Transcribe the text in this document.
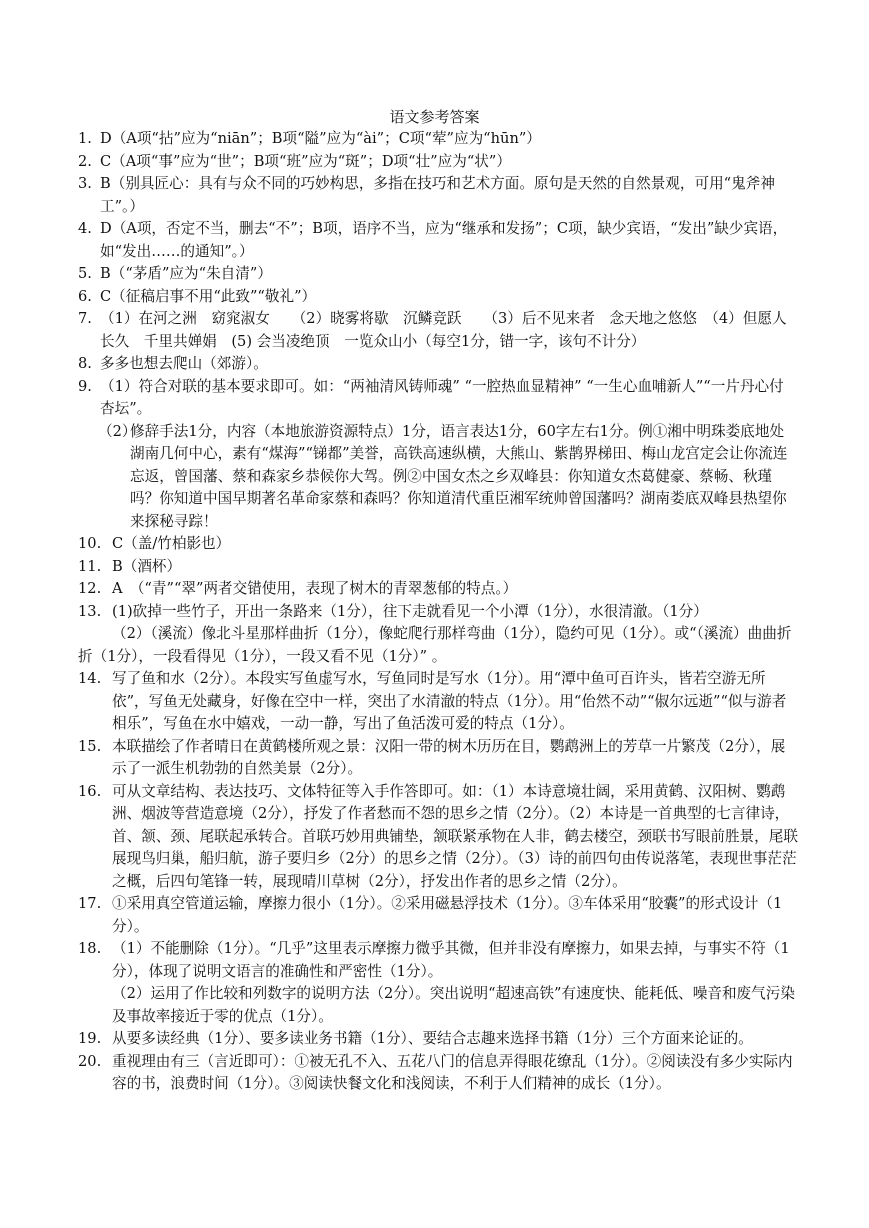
语文参考答案
1. D（A项“拈”应为“niān”；B项“隘”应为“ài”；C项“荤”应为“hūn”）
2. C（A项“事”应为“世”；B项“班”应为“斑”；D项“壮”应为“状”）
3. B（别具匠心：具有与众不同的巧妙构思，多指在技巧和艺术方面。原句是天然的自然景观，可用“鬼斧神工”。）
4. D（A项，否定不当，删去“不”；B项，语序不当，应为“继承和发扬”；C项，缺少宾语，“发出”缺少宾语，如“发出……的通知”。）
5. B（“茅盾”应为“朱自清”）
6. C（征稿启事不用“此致”“敬礼”）
7. （1）在河之洲　窈窕淑女　　（2）晓雾将歇　沉鳞竞跃　　（3）后不见来者　念天地之悠悠　（4）但愿人长久　千里共婵娟　(5) 会当凌绝顶　一览众山小（每空1分，错一字，该句不计分）
8. 多多也想去爬山（郊游）。
9. （1）符合对联的基本要求即可。如：“两袖清风铸师魂” “一腔热血显精神” “一生心血哺新人”“一片丹心付杏坛”。
（2）
修辞手法1分，内容（本地旅游资源特点）1分，语言表达1分，60字左右1分。例①湘中明珠娄底地处湖南几何中心，素有“煤海”“锑都”美誉，高铁高速纵横，大熊山、紫鹊界梯田、梅山龙宫定会让你流连忘返，曾国藩、蔡和森家乡恭候你大驾。例②中国女杰之乡双峰县：你知道女杰葛健豪、蔡畅、秋瑾吗？你知道中国早期著名革命家蔡和森吗？你知道清代重臣湘军统帅曾国藩吗？湖南娄底双峰县热望你来探秘寻踪！
10. C（盖/竹柏影也）
11. B（酒杯）
12. A　（“青”“翠”两者交错使用，表现了树木的青翠葱郁的特点。）
13. (1)砍掉一些竹子，开出一条路来（1分），往下走就看见一个小潭（1分），水很清澈。（1分）
（2）（溪流）像北斗星那样曲折（1分），像蛇爬行那样弯曲（1分），隐约可见（1分）。或“（溪流）曲曲折折（1分），一段看得见（1分），一段又看不见（1分）” 。
14. 写了鱼和水（2分）。本段实写鱼虚写水，写鱼同时是写水（1分）。用“潭中鱼可百许头，皆若空游无所依”，写鱼无处藏身，好像在空中一样，突出了水清澈的特点（1分）。用“佁然不动”“俶尔远逝”“似与游者相乐”，写鱼在水中嬉戏，一动一静，写出了鱼活泼可爱的特点（1分）。
15. 本联描绘了作者晴日在黄鹤楼所观之景：汉阳一带的树木历历在目，鹦鹉洲上的芳草一片繁茂（2分），展示了一派生机勃勃的自然美景（2分）。
16. 可从文章结构、表达技巧、文体特征等入手作答即可。如：（1）本诗意境壮阔，采用黄鹤、汉阳树、鹦鹉洲、烟波等营造意境（2分），抒发了作者愁而不怨的思乡之情（2分）。（2）本诗是一首典型的七言律诗，首、颔、颈、尾联起承转合。首联巧妙用典铺垫，颔联紧承物在人非，鹤去楼空，颈联书写眼前胜景，尾联展现鸟归巢，船归航，游子要归乡（2分）的思乡之情（2分）。（3）诗的前四句由传说落笔，表现世事茫茫之概，后四句笔锋一转，展现晴川草树（2分），抒发出作者的思乡之情（2分）。
17. ①采用真空管道运输，摩擦力很小（1分）。②采用磁悬浮技术（1分）。③车体采用“胶囊”的形式设计（1分）。
18. （1）不能删除（1分）。“几乎”这里表示摩擦力微乎其微，但并非没有摩擦力，如果去掉，与事实不符（1分），体现了说明文语言的准确性和严密性（1分）。
（2）运用了作比较和列数字的说明方法（2分）。突出说明“超速高铁”有速度快、能耗低、噪音和废气污染及事故率接近于零的优点（1分）。
19. 从要多读经典（1分）、要多读业务书籍（1分）、要结合志趣来选择书籍（1分）三个方面来论证的。
20. 重视理由有三（言近即可）：①被无孔不入、五花八门的信息弄得眼花缭乱（1分）。②阅读没有多少实际内容的书，浪费时间（1分）。③阅读快餐文化和浅阅读，不利于人们精神的成长（1分）。
